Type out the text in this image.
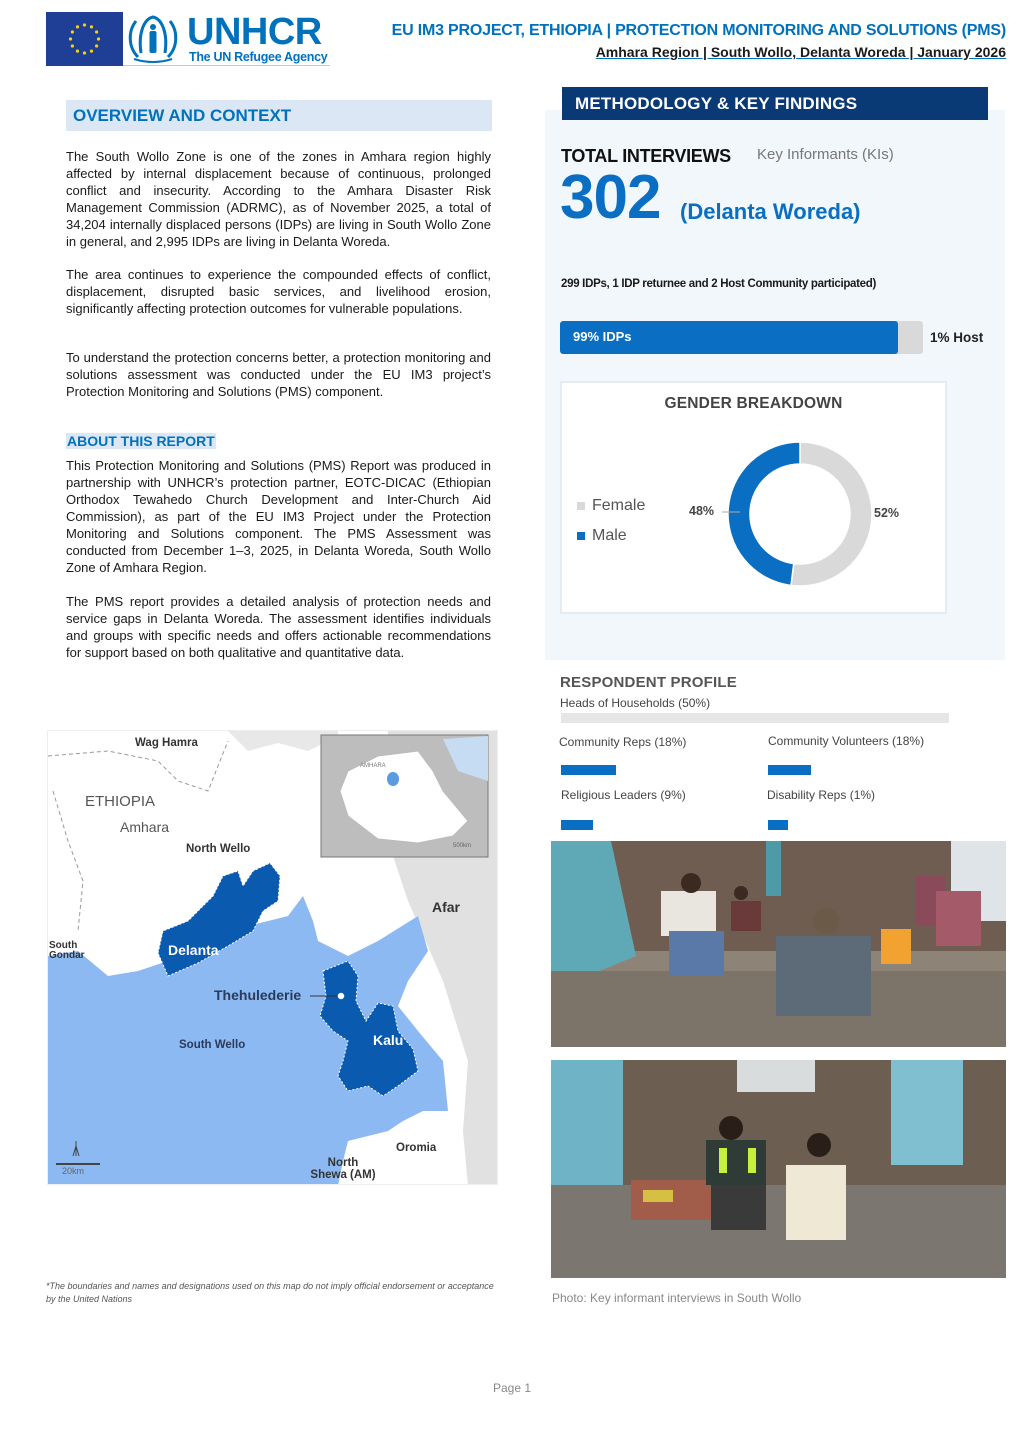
UNHCR
The UN Refugee Agency
EU IM3 PROJECT, ETHIOPIA | PROTECTION MONITORING AND SOLUTIONS (PMS)
Amhara Region | South Wollo, Delanta Woreda | January 2026
OVERVIEW AND CONTEXT

The South Wollo Zone is one of the zones in Amhara region highly affected by internal displacement because of continuous, prolonged conflict and insecurity. According to the Amhara Disaster Risk Management Commission (ADRMC), as of November 2025, a total of 34,204 internally displaced persons (IDPs) are living in South Wollo Zone in general, and 2,995 IDPs are living in Delanta Woreda.

The area continues to experience the compounded effects of conflict, displacement, disrupted basic services, and livelihood erosion, significantly affecting protection outcomes for vulnerable populations.

To understand the protection concerns better, a protection monitoring and solutions assessment was conducted under the EU IM3 project’s Protection Monitoring and Solutions (PMS) component.

ABOUT THIS REPORT

This Protection Monitoring and Solutions (PMS) Report was produced in partnership with UNHCR’s protection partner, EOTC-DICAC (Ethiopian Orthodox Tewahedo Church Development and Inter-Church Aid Commission), as part of the EU IM3 Project under the Protection Monitoring and Solutions component. The PMS Assessment was conducted from December 1–3, 2025, in Delanta Woreda, South Wollo Zone of Amhara Region.

The PMS report provides a detailed analysis of protection needs and service gaps in Delanta Woreda. The assessment identifies individuals and groups with specific needs and offers actionable recommendations for support based on both qualitative and quantitative data.

Wag Hamra
ETHIOPIA
Amhara
North Wello
Afar
South Gondar	Delanta
Thehulederie
Kalu
South Wello
Oromia
North Shewa (AM)
20km
AMHARA
500km
*The boundaries and names and designations used on this map do not imply official endorsement or acceptance by the United Nations
METHODOLOGY & KEY FINDINGS
TOTAL INTERVIEWS Key Informants (KIs)
302 (Delanta Woreda)
299 IDPs, 1 IDP returnee and 2 Host Community participated)
99% IDPs	1% Host
GENDER BREAKDOWN
Female
Male
48%	52%
RESPONDENT PROFILE
Heads of Households (50%)
Community Reps (18%)	Community Volunteers (18%)
Religious Leaders (9%)	Disability Reps (1%)
Photo: Key informant interviews in South Wollo
Page 1
